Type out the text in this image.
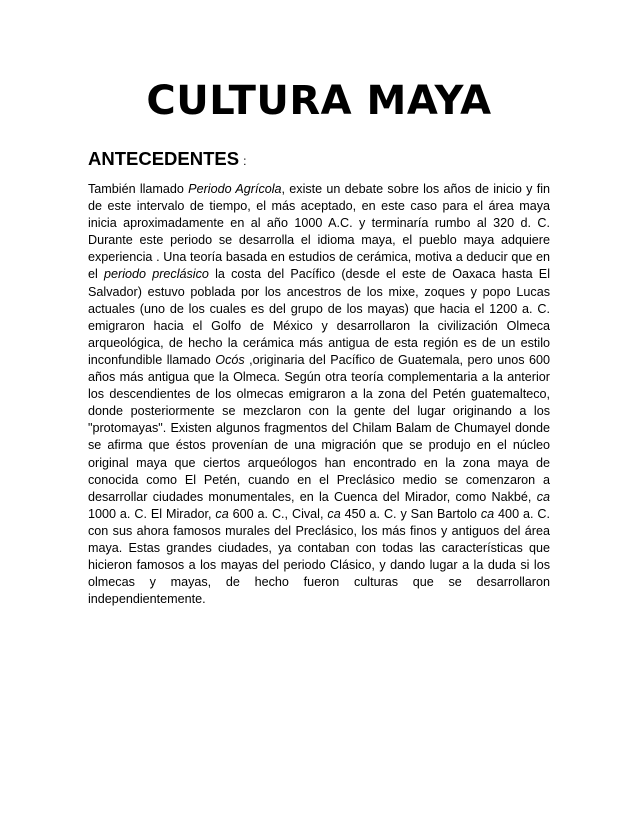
CULTURA MAYA
ANTECEDENTES :

También llamado Periodo Agrícola, existe un debate sobre los años de inicio y fin de este intervalo de tiempo, el más aceptado, en este caso para el área maya inicia aproximadamente en al año 1000 A.C. y terminaría rumbo al 320 d. C. Durante este periodo se desarrolla el idioma maya, el pueblo maya adquiere experiencia . Una teoría basada en estudios de cerámica, motiva a deducir que en el periodo preclásico la costa del Pacífico (desde el este de Oaxaca hasta El Salvador) estuvo poblada por los ancestros de los mixe, zoques y popo Lucas actuales (uno de los cuales es del grupo de los mayas) que hacia el 1200 a. C. emigraron hacia el Golfo de México y desarrollaron la civilización Olmeca arqueológica, de hecho la cerámica más antigua de esta región es de un estilo inconfundible llamado Ocós ,originaria del Pacífico de Guatemala, pero unos 600 años más antigua que la Olmeca. Según otra teoría complementaria a la anterior los descendientes de los olmecas emigraron a la zona del Petén guatemalteco, donde posteriormente se mezclaron con la gente del lugar originando a los "protomayas". Existen algunos fragmentos del Chilam Balam de Chumayel donde se afirma que éstos provenían de una migración que se produjo en el núcleo original maya que ciertos arqueólogos han encontrado en la zona maya de conocida como El Petén, cuando en el Preclásico medio se comenzaron a desarrollar ciudades monumentales, en la Cuenca del Mirador, como Nakbé, ca 1000 a. C. El Mirador, ca 600 a. C., Cival, ca 450 a. C. y San Bartolo ca 400 a. C. con sus ahora famosos murales del Preclásico, los más finos y antiguos del área maya. Estas grandes ciudades, ya contaban con todas las características que hicieron famosos a los mayas del periodo Clásico, y dando lugar a la duda si los olmecas y mayas, de hecho fueron culturas que se desarrollaron independientemente.
